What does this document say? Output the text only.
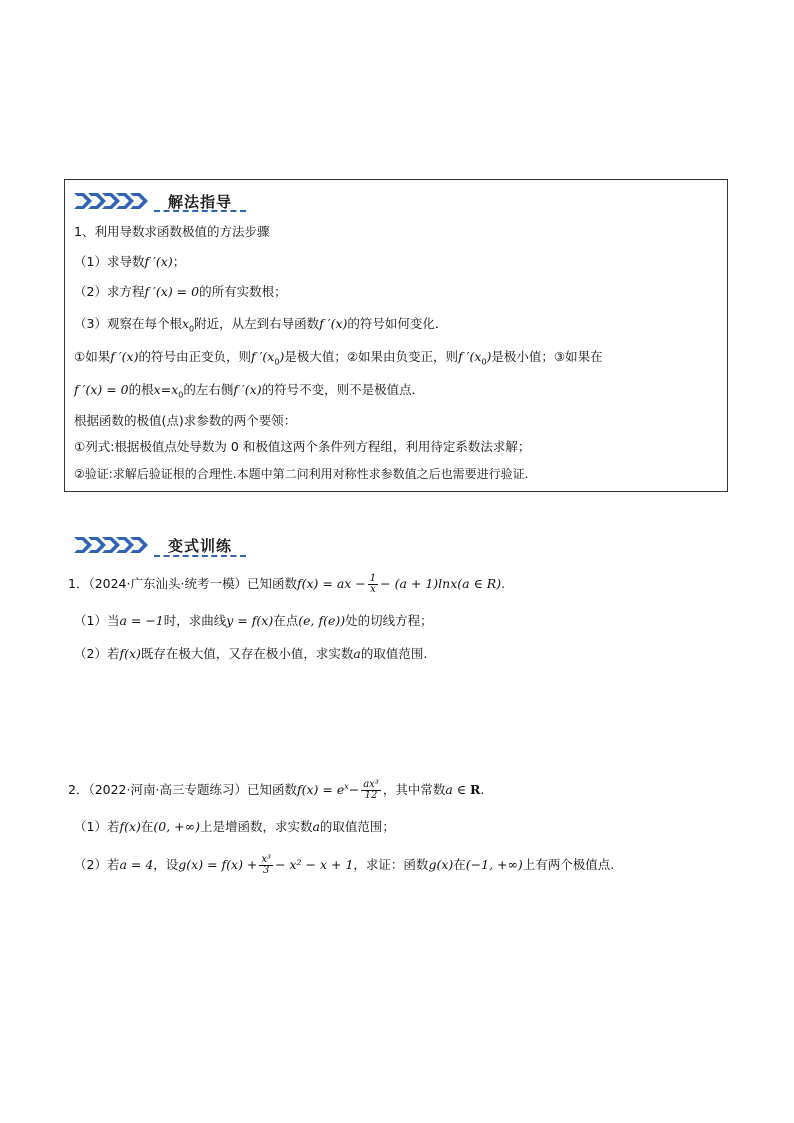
解法指导
1、利用导数求函数极值的方法步骤
（1）求导数f ′(x)；
（2）求方程f ′(x) = 0的所有实数根；
（3）观察在每个根$x_0$附近，从左到右导函数f ′(x)的符号如何变化．
①如果f ′(x)的符号由正变负，则f $'(x_0)$是极大值；②如果由负变正，则f $'(x_0)$是极小值；③如果在
f ′(x) = 0的根$x=x_0$的左右侧f ′(x)的符号不变，则不是极值点．
根据函数的极值(点)求参数的两个要领：
①列式:根据极值点处导数为 0 和极值这两个条件列方程组，利用待定系数法求解；
②验证:求解后验证根的合理性.本题中第二问利用对称性求参数值之后也需要进行验证.
变式训练
1．（2024·广东汕头·统考一模）已知函数f(x) = ax − $\frac{1}{x} - (a + 1)\ln x(a$ ∈ R).
（1）当a = −1时，求曲线y = f(x)在点(e, f(e))处的切线方程；
（2）若f(x)既存在极大值，又存在极小值，求实数a的取值范围.
2．（2022·河南·高三专题练习）已知函数$f(x) = e^x- \frac{\text{ax³}}{12}$ ，其中常数a ∈ R.
（1）若f(x)在(0, +∞)上是增函数，求实数a的取值范围；
（2）若a = 4，设$g(x) = f(x) + \frac{\text{x³}}{3} - x^2 - x + 1$，求证：函数g(x)在(−1, +∞)上有两个极值点.
